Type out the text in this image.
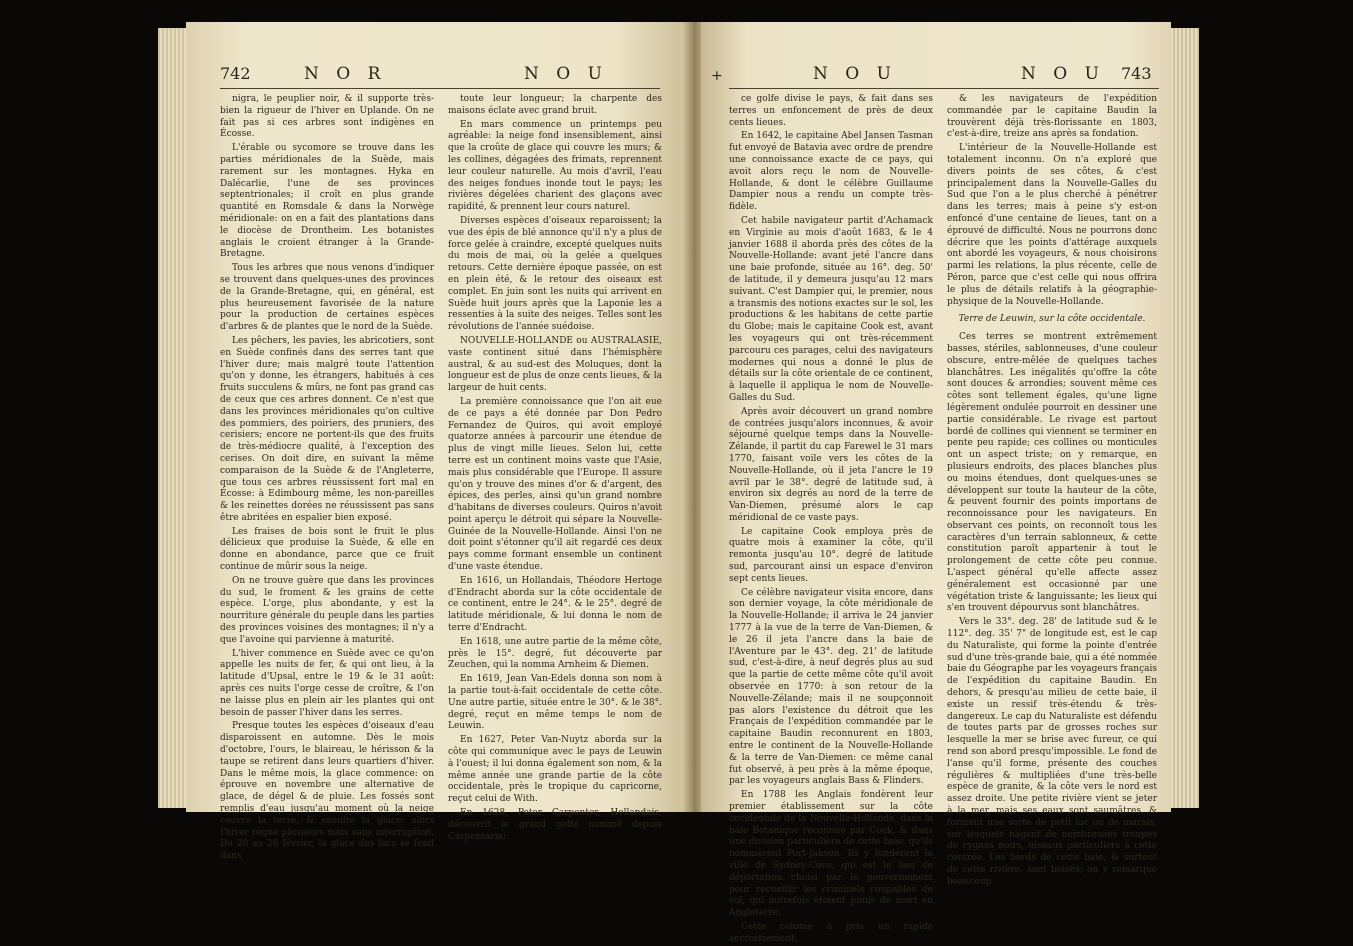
742	N O R	N O U

nigra, le peuplier noir, & il supporte très-bien la rigueur de l'hiver en Uplande. On ne fait pas si ces arbres sont indigènes en Écosse.

L'érable ou sycomore se trouve dans les parties méridionales de la Suède, mais rarement sur les montagnes. Hyka en Dalécarlie, l'une de ses provinces septentrionales; il croît en plus grande quantité en Romsdale & dans la Norwège méridionale: on en a fait des plantations dans le diocèse de Drontheim. Les botanistes anglais le croient étranger à la Grande-Bretagne.

Tous les arbres que nous venons d'indiquer se trouvent dans quelques-unes des provinces de la Grande-Bretagne, qui, en général, est plus heureusement favorisée de la nature pour la production de certaines espèces d'arbres & de plantes que le nord de la Suède.

Les pêchers, les pavies, les abricotiers, sont en Suède confinés dans des serres tant que l'hiver dure; mais malgré toute l'attention qu'on y donne, les étrangers, habitués à ces fruits succulens & mûrs, ne font pas grand cas de ceux que ces arbres donnent. Ce n'est que dans les provinces méridionales qu'on cultive des pommiers, des poiriers, des pruniers, des cerisiers; encore ne portent-ils que des fruits de très-médiocre qualité, à l'exception des cerises. On doit dire, en suivant la même comparaison de la Suède & de l'Angleterre, que tous ces arbres réussissent fort mal en Écosse: à Edimbourg même, les non-pareilles & les reinettes dorées ne réussissent pas sans être abritées en espalier bien exposé.

Les fraises de bois sont le fruit le plus délicieux que produise la Suède, & elle en donne en abondance, parce que ce fruit continue de mûrir sous la neige.

On ne trouve guère que dans les provinces du sud, le froment & les grains de cette espèce. L'orge, plus abondante, y est la nourriture générale du peuple dans les parties des provinces voisines des montagnes; il n'y a que l'avoine qui parvienne à maturité.

L'hiver commence en Suède avec ce qu'on appelle les nuits de fer, & qui ont lieu, à la latitude d'Upsal, entre le 19 & le 31 août: après ces nuits l'orge cesse de croître, & l'on ne laisse plus en plein air les plantes qui ont besoin de passer l'hiver dans les serres.

Presque toutes les espèces d'oiseaux d'eau disparoissent en automne. Dès le mois d'octobre, l'ours, le blaireau, le hérisson & la taupe se retirent dans leurs quartiers d'hiver. Dans le même mois, la glace commence: on éprouve en novembre une alternative de glace, de dégel & de pluie. Les fossés sont remplis d'eau jusqu'au moment où la neige couvre la terre, & ensuite la glace: alors l'hiver règne plusieurs mois sans interruption. Du 20 au 28 février, la glace des lacs se fend dans

toute leur longueur; la charpente des maisons éclate avec grand bruit.

En mars commence un printemps peu agréable: la neige fond insensiblement, ainsi que la croûte de glace qui couvre les murs; & les collines, dégagées des frimats, reprennent leur couleur naturelle. Au mois d'avril, l'eau des neiges fondues inonde tout le pays; les rivières dégelées charient des glaçons avec rapidité, & prennent leur cours naturel.

Diverses espèces d'oiseaux reparoissent; la vue des épis de blé annonce qu'il n'y a plus de force gelée à craindre, excepté quelques nuits du mois de mai, où la gelée a quelques retours. Cette dernière époque passée, on est en plein été, & le retour des oiseaux est complet. En juin sont les nuits qui arrivent en Suède huit jours après que la Laponie les a ressenties à la suite des neiges. Telles sont les révolutions de l'année suédoise.

NOUVELLE-HOLLANDE ou AUSTRALASIE, vaste continent situé dans l'hémisphère austral, & au sud-est des Moluques, dont la longueur est de plus de onze cents lieues, & la largeur de huit cents.

La première connoissance que l'on ait eue de ce pays a été donnée par Don Pedro Fernandez de Quiros, qui avoit employé quatorze années à parcourir une étendue de plus de vingt mille lieues. Selon lui, cette terre est un continent moins vaste que l'Asie, mais plus considérable que l'Europe. Il assure qu'on y trouve des mines d'or & d'argent, des épices, des perles, ainsi qu'un grand nombre d'habitans de diverses couleurs. Quiros n'avoit point aperçu le détroit qui sépare la Nouvelle-Guinée de la Nouvelle-Hollande. Ainsi l'on ne doit point s'étonner qu'il ait regardé ces deux pays comme formant ensemble un continent d'une vaste étendue.

En 1616, un Hollandais, Théodore Hertoge d'Endracht aborda sur la côte occidentale de ce continent, entre le 24°. & le 25°. degré de latitude méridionale, & lui donna le nom de terre d'Endracht.

En 1618, une autre partie de la même côte, près le 15°. degré, fut découverte par Zeuchen, qui la nomma Arnheim & Diemen.

En 1619, Jean Van-Edels donna son nom à la partie tout-à-fait occidentale de cette côte. Une autre partie, située entre le 30°. & le 38°. degré, reçut en même temps le nom de Leuwin.

En 1627, Peter Van-Nuytz aborda sur la côte qui communique avec le pays de Leuwin à l'ouest; il lui donna également son nom, & la même année une grande partie de la côte occidentale, près le tropique du capricorne, reçut celui de With.

En 1628, Peter Carpenter, Hollandais, découvrit le grand golfe nommé depuis Carpentaria;

+	N O U	N O U 743

ce golfe divise le pays, & fait dans ses terres un enfoncement de près de deux cents lieues.

En 1642, le capitaine Abel Jansen Tasman fut envoyé de Batavia avec ordre de prendre une connoissance exacte de ce pays, qui avoit alors reçu le nom de Nouvelle-Hollande, & dont le célèbre Guillaume Dampier nous a rendu un compte très-fidèle.

Cet habile navigateur partit d'Achamack en Virginie au mois d'août 1683, & le 4 janvier 1688 il aborda près des côtes de la Nouvelle-Hollande: avant jeté l'ancre dans une baie profonde, située au 16°. deg. 50' de latitude, il y demeura jusqu'au 12 mars suivant. C'est Dampier qui, le premier, nous a transmis des notions exactes sur le sol, les productions & les habitans de cette partie du Globe; mais le capitaine Cook est, avant les voyageurs qui ont très-récemment parcouru ces parages, celui des navigateurs modernes qui nous a donné le plus de détails sur la côte orientale de ce continent, à laquelle il appliqua le nom de Nouvelle-Galles du Sud.

Après avoir découvert un grand nombre de contrées jusqu'alors inconnues, & avoir séjourné quelque temps dans la Nouvelle-Zélande, il partit du cap Farewel le 31 mars 1770, faisant voile vers les côtes de la Nouvelle-Hollande, où il jeta l'ancre le 19 avril par le 38°. degré de latitude sud, à environ six degrés au nord de la terre de Van-Diemen, présumé alors le cap méridional de ce vaste pays.

Le capitaine Cook employa près de quatre mois à examiner la côte, qu'il remonta jusqu'au 10°. degré de latitude sud, parcourant ainsi un espace d'environ sept cents lieues.

Ce célèbre navigateur visita encore, dans son dernier voyage, la côte méridionale de la Nouvelle-Hollande; il arriva le 24 janvier 1777 à la vue de la terre de Van-Diemen, & le 26 il jeta l'ancre dans la baie de l'Aventure par le 43°. deg. 21' de latitude sud, c'est-à-dire, à neuf degrés plus au sud que la partie de cette même côte qu'il avoit observée en 1770: à son retour de la Nouvelle-Zélande; mais il ne soupçonnoit pas alors l'existence du détroit que les Français de l'expédition commandée par le capitaine Baudin reconnurent en 1803, entre le continent de la Nouvelle-Hollande & la terre de Van-Diemen: ce même canal fut observé, à peu près à la même époque, par les voyageurs anglais Bass & Flinders.

En 1788 les Anglais fondèrent leur premier établissement sur la côte occidentale de la Nouvelle-Hollande, dans la baie Botanique reconnue par Cook, & dans une division particulière de cette baie, qu'ils nommèrent Port-Jakson. Ils y fondèrent la ville de Sydney-Cove, qui est le lieu de déportation choisi par le gouvernement pour recueillir les criminels coupables de vol, qui autrefois étoient punis de mort en Angleterre.

Cette colonie a pris un rapide accroissement,

& les navigateurs de l'expédition commandée par le capitaine Baudin la trouvèrent déjà très-florissante en 1803, c'est-à-dire, treize ans après sa fondation.

L'intérieur de la Nouvelle-Hollande est totalement inconnu. On n'a exploré que divers points de ses côtes, & c'est principalement dans la Nouvelle-Galles du Sud que l'on a le plus cherché à pénétrer dans les terres; mais à peine s'y est-on enfoncé d'une centaine de lieues, tant on a éprouvé de difficulté. Nous ne pourrons donc décrire que les points d'attérage auxquels ont abordé les voyageurs, & nous choisirons parmi les relations, la plus récente, celle de Péron, parce que c'est celle qui nous offrira le plus de détails relatifs à la géographie-physique de la Nouvelle-Hollande.

Terre de Leuwin, sur la côte occidentale.

Ces terres se montrent extrêmement basses, stériles, sablonneuses, d'une couleur obscure, entre-mêlée de quelques taches blanchâtres. Les inégalités qu'offre la côte sont douces & arrondies; souvent même ces côtes sont tellement égales, qu'une ligne légèrement ondulée pourroit en dessiner une partie considérable. Le rivage est partout bordé de collines qui viennent se terminer en pente peu rapide; ces collines ou monticules ont un aspect triste; on y remarque, en plusieurs endroits, des places blanches plus ou moins étendues, dont quelques-unes se développent sur toute la hauteur de la côte, & peuvent fournir des points importans de reconnoissance pour les navigateurs. En observant ces points, on reconnoît tous les caractères d'un terrain sablonneux, & cette constitution paroît appartenir à tout le prolongement de cette côte peu connue. L'aspect général qu'elle affecte assez généralement est occasionné par une végétation triste & languissante; les lieux qui s'en trouvent dépourvus sont blanchâtres.

Vers le 33°. deg. 28' de latitude sud & le 112°. deg. 35' 7" de longitude est, est le cap du Naturaliste, qui forme la pointe d'entrée sud d'une très-grande baie, qui a été nommée baie du Géographe par les voyageurs français de l'expédition du capitaine Baudin. En dehors, & presqu'au milieu de cette baie, il existe un ressif très-étendu & très-dangereux. Le cap du Naturaliste est défendu de toutes parts par de grosses roches sur lesquelle la mer se brise avec fureur, ce qui rend son abord presqu'impossible. Le fond de l'anse qu'il forme, présente des couches régulières & multipliées d'une très-belle espèce de granite, & la côte vers le nord est assez droite. Une petite rivière vient se jeter à la mer, mais ses eaux sont saumâtres, & forment une sorte de petit lac ou de marais, sur lesquels nagent de nombreuses troupes de cygnes noirs, oiseaux particuliers à cette contrée. Les bords de cette baie, & surtout de cette rivière, sont boisés; on y remarque beaucoup
